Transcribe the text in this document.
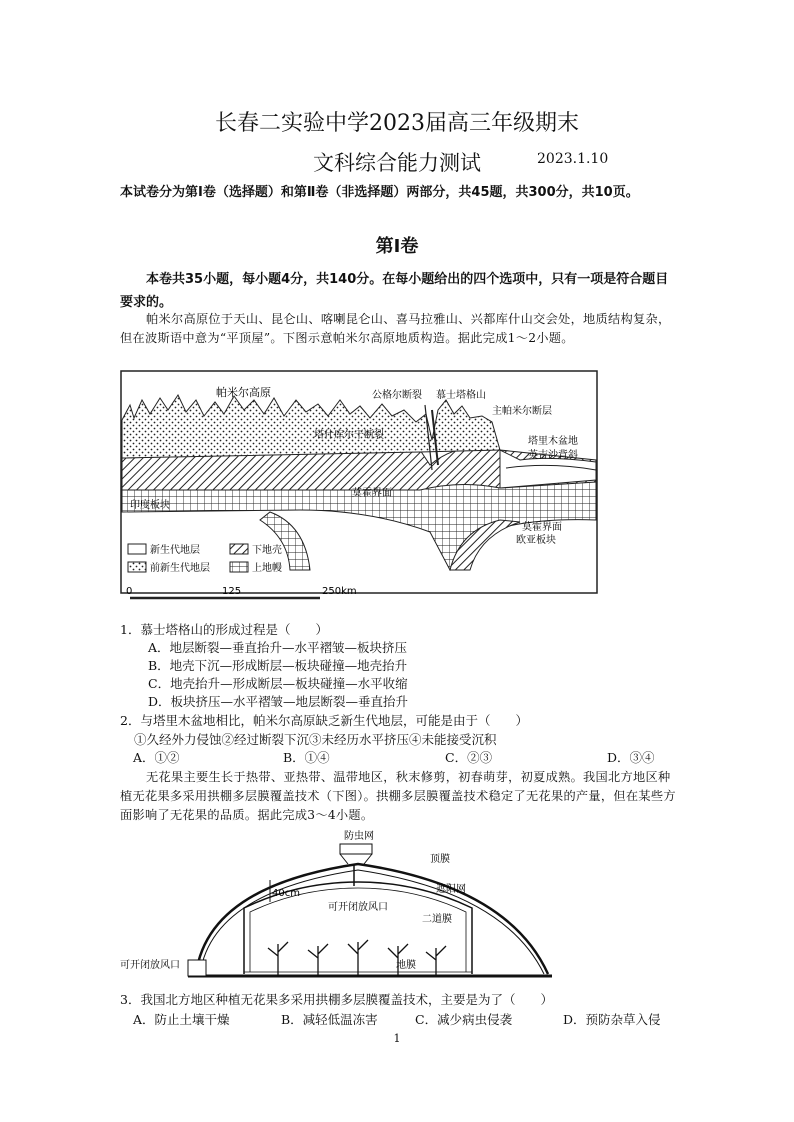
长春二实验中学2023届高三年级期末
文科综合能力测试	2023.1.10
本试卷分为第Ⅰ卷（选择题）和第Ⅱ卷（非选择题）两部分，共45题，共300分，共10页。
第Ⅰ卷
本卷共35小题，每小题4分，共140分。在每小题给出的四个选项中，只有一项是符合题目要求的。
帕米尔高原位于天山、昆仑山、喀喇昆仑山、喜马拉雅山、兴都库什山交会处，地质结构复杂，但在波斯语中意为“平顶屋”。下图示意帕米尔高原地质构造。据此完成1～2小题。
帕米尔高原	公格尔断裂 慕士塔格山
主帕米尔断层
塔什库尔干断裂
塔里木盆地
英吉沙背斜
莫霍界面
印度板块
莫霍界面
欧亚板块
新生代地层
前新生代地层
下地壳
上地幔
0	125	250km
1．慕士塔格山的形成过程是（　　）
A．地层断裂—垂直抬升—水平褶皱—板块挤压
B．地壳下沉—形成断层—板块碰撞—地壳抬升
C．地壳抬升—形成断层—板块碰撞—水平收缩
D．板块挤压—水平褶皱—地层断裂—垂直抬升
2．与塔里木盆地相比，帕米尔高原缺乏新生代地层，可能是由于（　　）
①久经外力侵蚀②经过断裂下沉③未经历水平挤压④未能接受沉积
A．①②	B．①④	C．②③	D．③④
无花果主要生长于热带、亚热带、温带地区，秋末修剪，初春萌芽，初夏成熟。我国北方地区种植无花果多采用拱棚多层膜覆盖技术（下图）。拱棚多层膜覆盖技术稳定了无花果的产量，但在某些方面影响了无花果的品质。据此完成3～4小题。
防虫网
顶膜
遮阳网
二道膜
40cm
可开闭放风口
可开闭放风口	地膜
3．我国北方地区种植无花果多采用拱棚多层膜覆盖技术，主要是为了（　　）
A．防止土壤干燥	B．减轻低温冻害	C．减少病虫侵袭	D．预防杂草入侵
1
